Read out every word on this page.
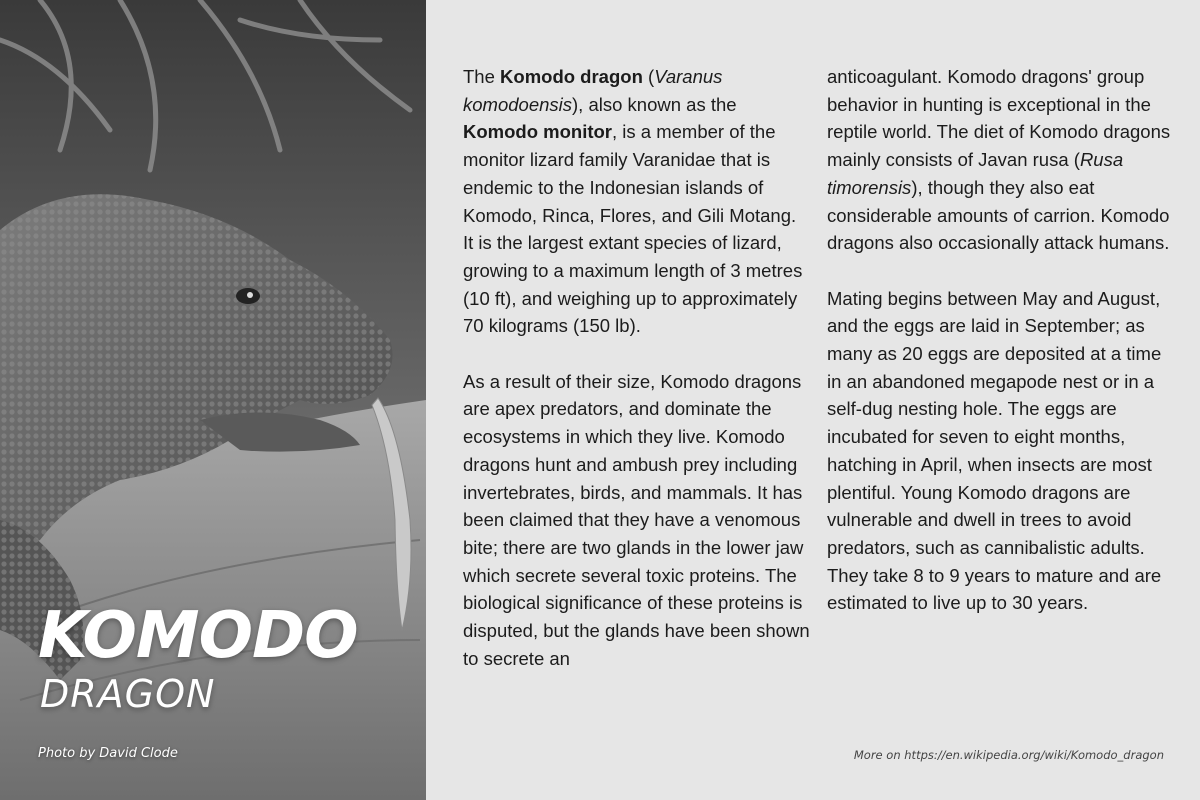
KOMODO
DRAGON
Photo by David Clode

The Komodo dragon (Varanus komodoensis), also known as the Komodo monitor, is a member of the monitor lizard family Varanidae that is endemic to the Indonesian islands of Komodo, Rinca, Flores, and Gili Motang. It is the largest extant species of lizard, growing to a maximum length of 3 metres (10 ft), and weighing up to approximately 70 kilograms (150 lb).

As a result of their size, Komodo dragons are apex predators, and dominate the ecosystems in which they live. Komodo dragons hunt and ambush prey including invertebrates, birds, and mammals. It has been claimed that they have a venomous bite; there are two glands in the lower jaw which secrete several toxic proteins. The biological significance of these proteins is disputed, but the glands have been shown to secrete an

anticoagulant. Komodo dragons' group behavior in hunting is exceptional in the reptile world. The diet of Komodo dragons mainly consists of Javan rusa (Rusa timorensis), though they also eat considerable amounts of carrion. Komodo dragons also occasionally attack humans.

Mating begins between May and August, and the eggs are laid in September; as many as 20 eggs are deposited at a time in an abandoned megapode nest or in a self-dug nesting hole. The eggs are incubated for seven to eight months, hatching in April, when insects are most plentiful. Young Komodo dragons are vulnerable and dwell in trees to avoid predators, such as cannibalistic adults. They take 8 to 9 years to mature and are estimated to live up to 30 years.

More on https://en.wikipedia.org/wiki/Komodo_dragon
